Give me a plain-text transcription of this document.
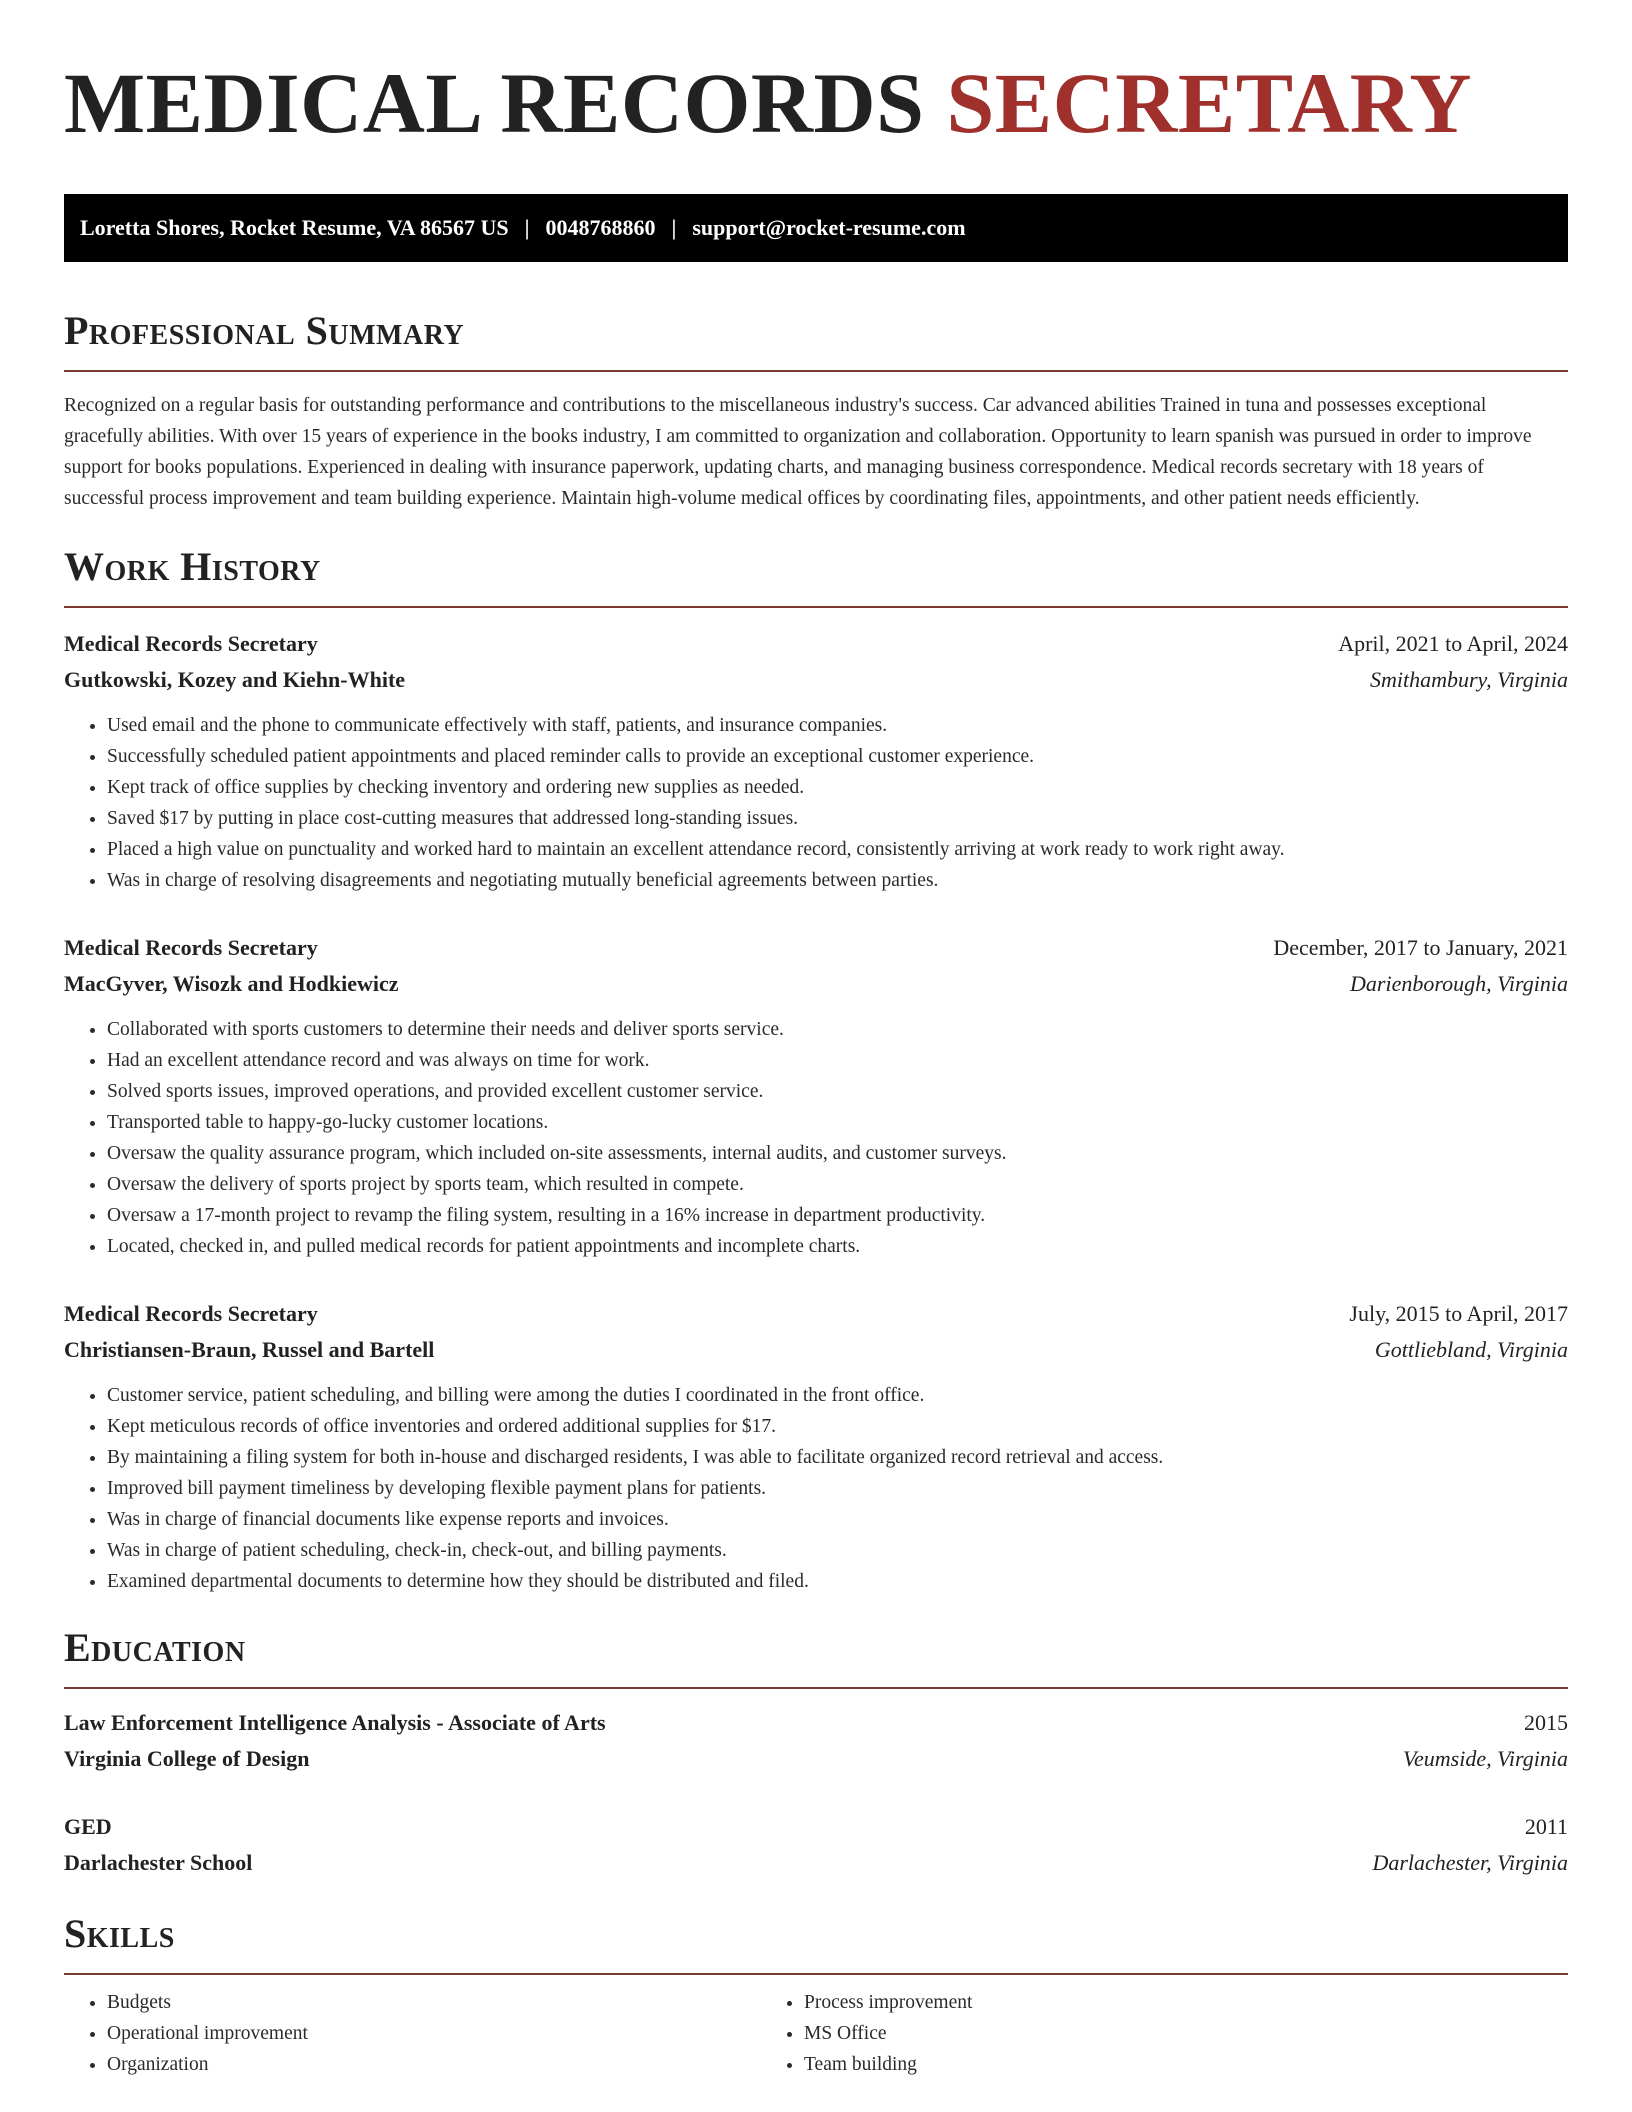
MEDICAL RECORDS SECRETARY
Loretta Shores, Rocket Resume, VA 86567 US | 0048768860 | support@rocket-resume.com
Professional Summary

Recognized on a regular basis for outstanding performance and contributions to the miscellaneous industry's success. Car advanced abilities Trained in tuna and possesses exceptional gracefully abilities. With over 15 years of experience in the books industry, I am committed to organization and collaboration. Opportunity to learn spanish was pursued in order to improve support for books populations. Experienced in dealing with insurance paperwork, updating charts, and managing business correspondence. Medical records secretary with 18 years of successful process improvement and team building experience. Maintain high-volume medical offices by coordinating files, appointments, and other patient needs efficiently.

Work History
Medical Records Secretary	April, 2021 to April, 2024
Gutkowski, Kozey and Kiehn-White	Smithambury, Virginia
• Used email and the phone to communicate effectively with staff, patients, and insurance companies.
• Successfully scheduled patient appointments and placed reminder calls to provide an exceptional customer experience.
• Kept track of office supplies by checking inventory and ordering new supplies as needed.
• Saved $17 by putting in place cost-cutting measures that addressed long-standing issues.
• Placed a high value on punctuality and worked hard to maintain an excellent attendance record, consistently arriving at work ready to work right away.
• Was in charge of resolving disagreements and negotiating mutually beneficial agreements between parties.
Medical Records Secretary	December, 2017 to January, 2021
MacGyver, Wisozk and Hodkiewicz	Darienborough, Virginia
• Collaborated with sports customers to determine their needs and deliver sports service.
• Had an excellent attendance record and was always on time for work.
• Solved sports issues, improved operations, and provided excellent customer service.
• Transported table to happy-go-lucky customer locations.
• Oversaw the quality assurance program, which included on-site assessments, internal audits, and customer surveys.
• Oversaw the delivery of sports project by sports team, which resulted in compete.
• Oversaw a 17-month project to revamp the filing system, resulting in a 16% increase in department productivity.
• Located, checked in, and pulled medical records for patient appointments and incomplete charts.
Medical Records Secretary	July, 2015 to April, 2017
Christiansen-Braun, Russel and Bartell	Gottliebland, Virginia
• Customer service, patient scheduling, and billing were among the duties I coordinated in the front office.
• Kept meticulous records of office inventories and ordered additional supplies for $17.
• By maintaining a filing system for both in-house and discharged residents, I was able to facilitate organized record retrieval and access.
• Improved bill payment timeliness by developing flexible payment plans for patients.
• Was in charge of financial documents like expense reports and invoices.
• Was in charge of patient scheduling, check-in, check-out, and billing payments.
• Examined departmental documents to determine how they should be distributed and filed.
Education
Law Enforcement Intelligence Analysis - Associate of Arts	2015
Virginia College of Design	Veumside, Virginia
GED	2011
Darlachester School	Darlachester, Virginia
Skills
• Budgets
• Operational improvement
• Organization
• Process improvement
• MS Office
• Team building
